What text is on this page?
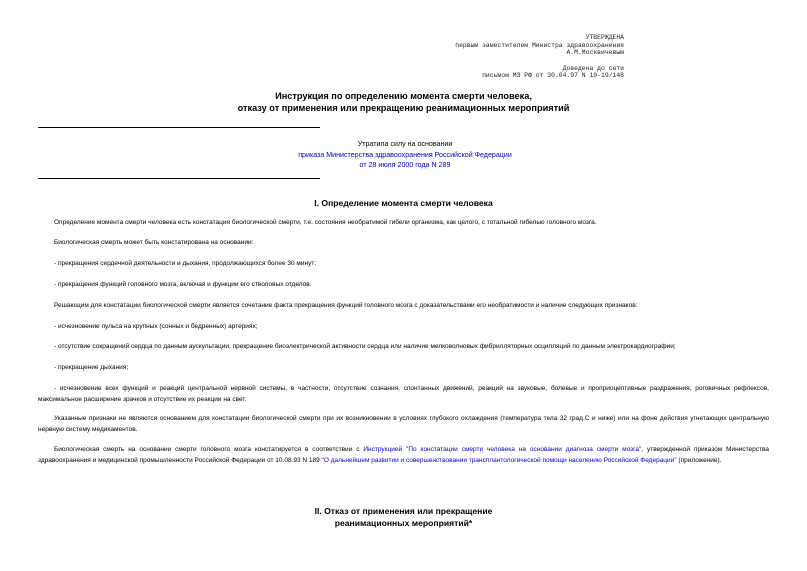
УТВЕРЖДЕНА
первым заместителем Министра здравоохранения
А.М.Москвичевым
Доведена до сети
письмом МЗ РФ от 30.04.97 N 10-19/148
Инструкция по определению момента смерти человека,
отказу от применения или прекращению реанимационных мероприятий
Утратила силу на основании
приказа Министерства здравоохранения Российской Федерации
от 28 июля 2000 года N 289
I. Определение момента смерти человека
Определение момента смерти человека есть констатация биологической смерти, т.е. состояния необратимой гибели организма, как целого, с тотальной гибелью головного мозга.
Биологическая смерть может быть констатирована на основании:
- прекращения сердечной деятельности и дыхания, продолжающихся более 30 минут;
- прекращения функций головного мозга, включая и функции его стволовых отделов.
Решающим для констатации биологической смерти является сочетание факта прекращения функций головного мозга с доказательствами его необратимости и наличие следующих признаков:
- исчезновение пульса на крупных (сонных и бедренных) артериях;
- отсутствие сокращений сердца по данным аускультации, прекращение биоэлектрической активности сердца или наличие мелковолновых фибрилляторных осцилляций по данным электрокардиографии;
- прекращение дыхания;
- исчезновение всех функций и реакций центральной нервной системы, в частности, отсутствие сознания, спонтанных движений, реакций на звуковые, болевые и проприоцептивные раздражения, роговичных рефлексов, максимальное расширение зрачков и отсутствие их реакции на свет.
Указанные признаки не являются основанием для констатации биологической смерти при их возникновении в условиях глубокого охлаждения (температура тела 32 град.С и ниже) или на фоне действия угнетающих центральную нервную систему медикаментов.
Биологическая смерть на основании смерти головного мозга констатируется в соответствии с Инструкцией "По констатации смерти человека на основании диагноза смерти мозга", утвержденной приказом Министерства здравоохранения и медицинской промышленности Российской Федерации от 10.08.93 N 189 "О дальнейшем развитии и совершенствовании трансплантологической помощи населению Российской Федерации" (приложение).
II. Отказ от применения или прекращение
реанимационных мероприятий*
